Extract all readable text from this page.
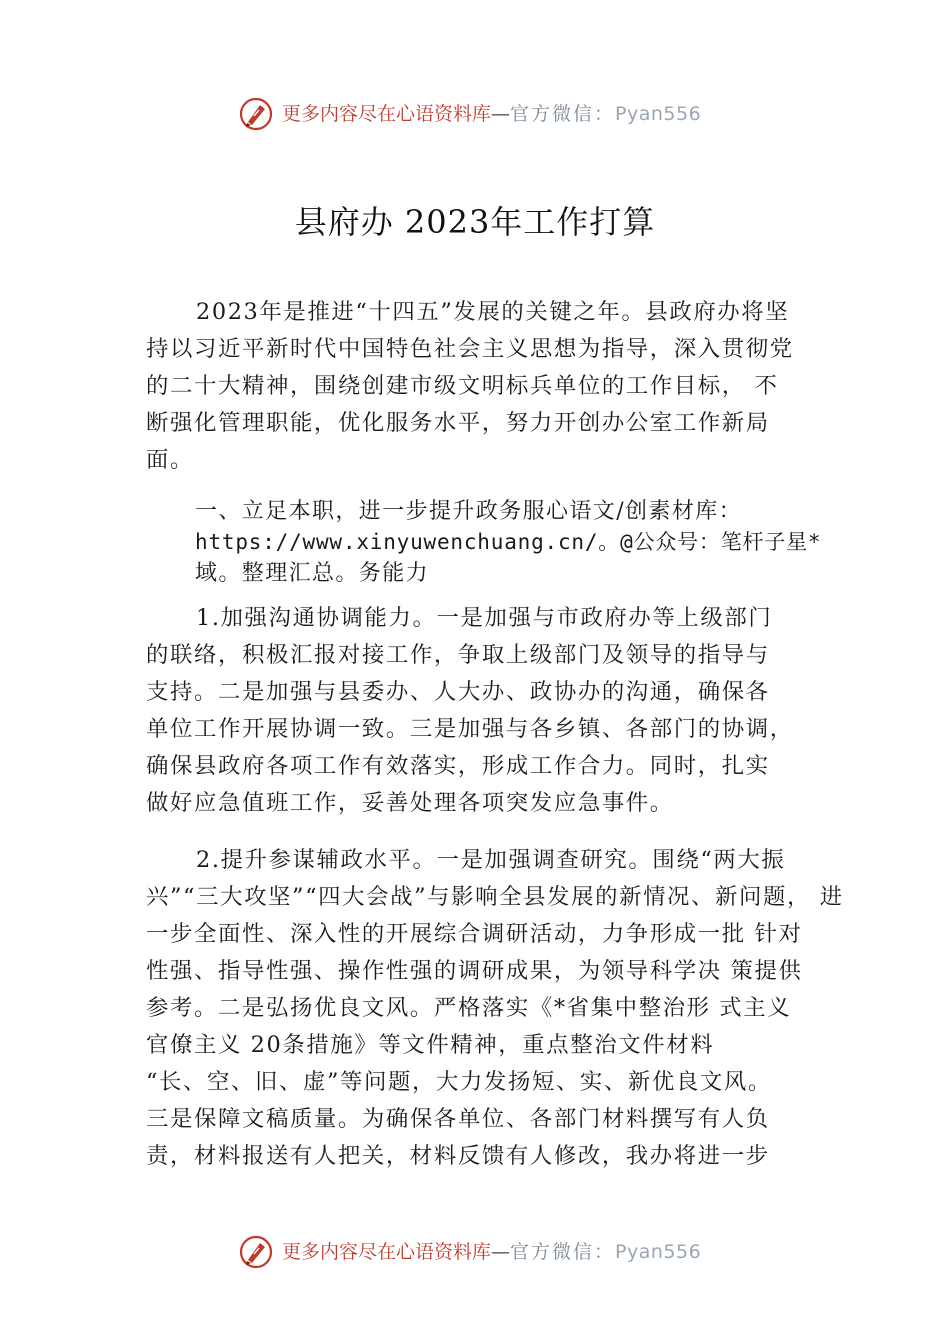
更多内容尽在心语资料库—官方微信：Pyan556
县府办 2023年工作打算
2023年是推进“十四五”发展的关键之年。县政府办将坚
持以习近平新时代中国特色社会主义思想为指导，深入贯彻党
的二十大精神，围绕创建市级文明标兵单位的工作目标， 不
断强化管理职能，优化服务水平，努力开创办公室工作新局
面。
一、立足本职，进一步提升政务服心语文/创素材库：
https://www.xinyuwenchuang.cn/。@公众号：笔杆子星*
域。整理汇总。务能力
1.加强沟通协调能力。一是加强与市政府办等上级部门
的联络，积极汇报对接工作，争取上级部门及领导的指导与
支持。二是加强与县委办、人大办、政协办的沟通，确保各
单位工作开展协调一致。三是加强与各乡镇、各部门的协调，
确保县政府各项工作有效落实，形成工作合力。同时，扎实
做好应急值班工作，妥善处理各项突发应急事件。
2.提升参谋辅政水平。一是加强调查研究。围绕“两大振
兴”“三大攻坚”“四大会战”与影响全县发展的新情况、新问题， 进
一步全面性、深入性的开展综合调研活动，力争形成一批 针对
性强、指导性强、操作性强的调研成果，为领导科学决 策提供
参考。二是弘扬优良文风。严格落实《*省集中整治形 式主义
官僚主义 20条措施》等文件精神，重点整治文件材料
“长、空、旧、虚”等问题，大力发扬短、实、新优良文风。
三是保障文稿质量。为确保各单位、各部门材料撰写有人负
责，材料报送有人把关，材料反馈有人修改，我办将进一步
更多内容尽在心语资料库—官方微信：Pyan556
